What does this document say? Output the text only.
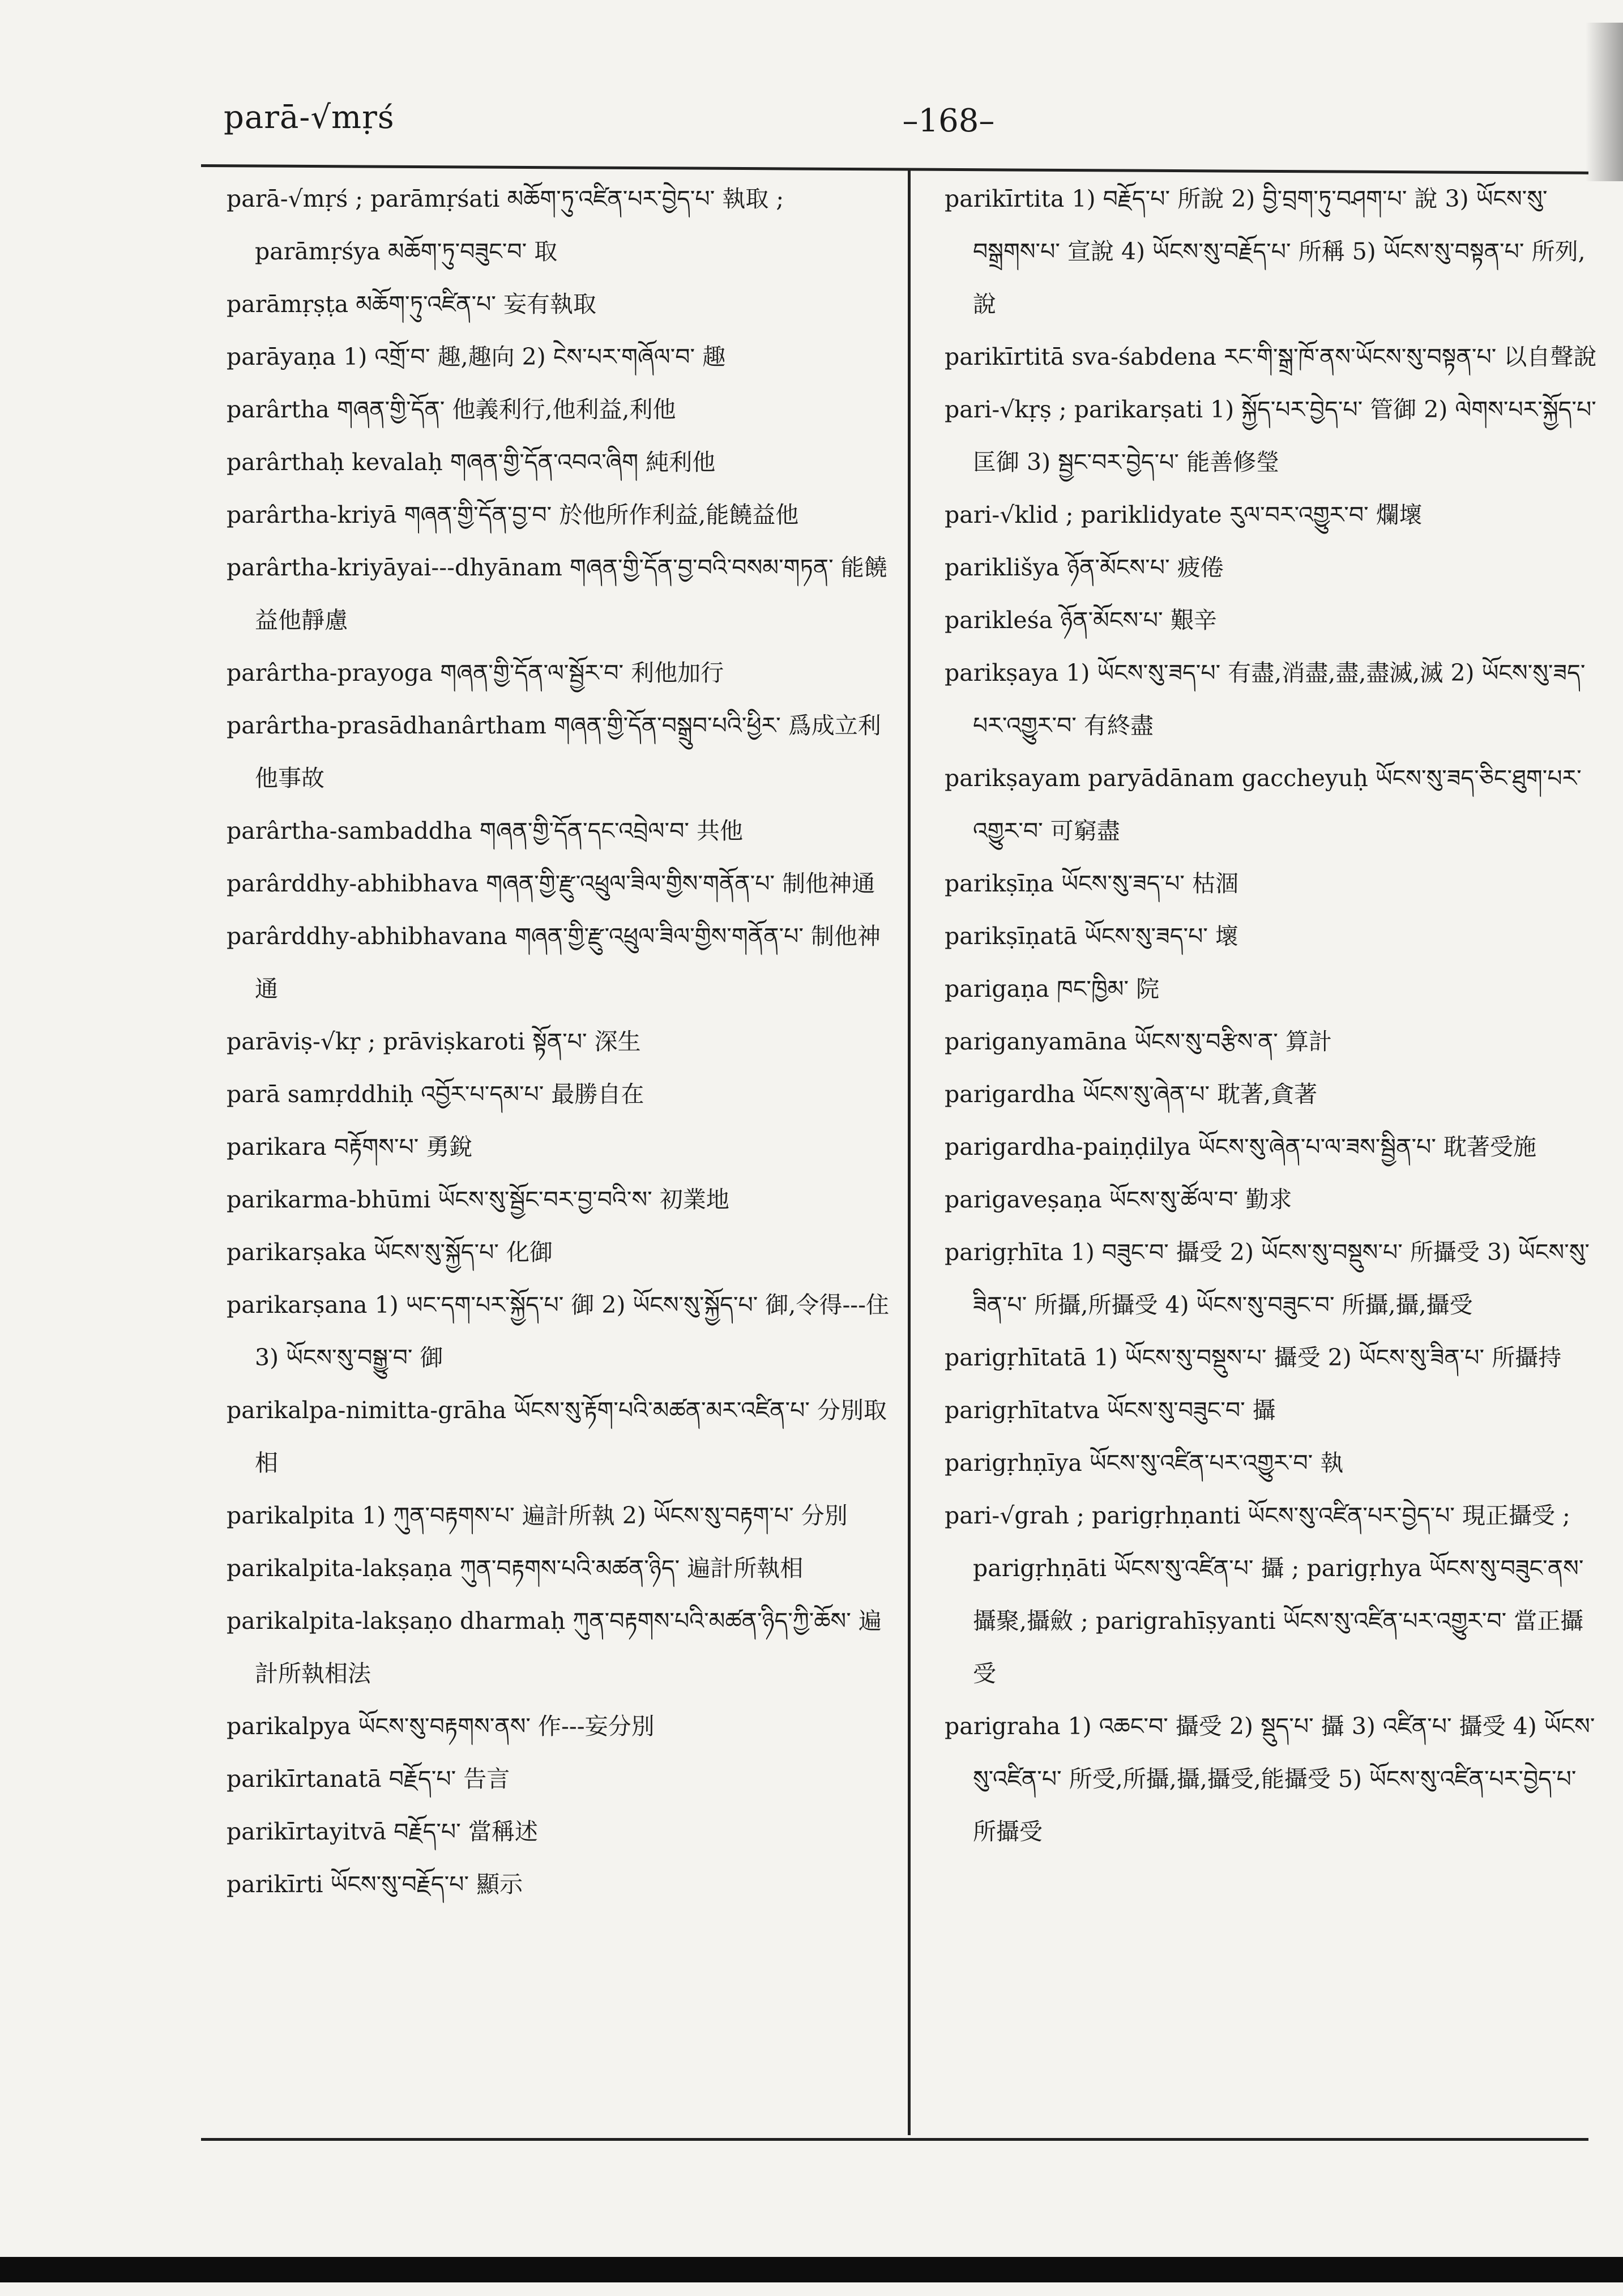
parā-√mṛś	–168–
parā-√mṛś ; parāmṛśati མཆོག་ཏུ་འཛིན་པར་བྱེད་པ་ 執取 ; parāmṛśya མཆོག་ཏུ་བཟུང་བ་ 取
parāmṛṣṭa མཆོག་ཏུ་འཛིན་པ་ 妄有執取
parāyaṇa 1) འགྲོ་བ་ 趣,趣向 2) ངེས་པར་གཞོལ་བ་ 趣
parârtha གཞན་གྱི་དོན་ 他義利行,他利益,利他
parârthaḥ kevalaḥ གཞན་གྱི་དོན་འབའ་ཞིག 純利他
parârtha-kriyā གཞན་གྱི་དོན་བྱ་བ་ 於他所作利益,能饒益他
parârtha-kriyāyai---dhyānam གཞན་གྱི་དོན་བྱ་བའི་བསམ་གཏན་ 能饒益他靜慮
parârtha-prayoga གཞན་གྱི་དོན་ལ་སྦྱོར་བ་ 利他加行
parârtha-prasādhanârtham གཞན་གྱི་དོན་བསྒྲུབ་པའི་ཕྱིར་ 爲成立利他事故
parârtha-sambaddha གཞན་གྱི་དོན་དང་འབྲེལ་བ་ 共他
parârddhy-abhibhava གཞན་གྱི་རྫུ་འཕྲུལ་ཟིལ་གྱིས་གནོན་པ་ 制他神通
parârddhy-abhibhavana གཞན་གྱི་རྫུ་འཕྲུལ་ཟིལ་གྱིས་གནོན་པ་ 制他神通
parāviṣ-√kṛ ; prāviṣkaroti སྟོན་པ་ 深生
parā samṛddhiḥ འབྱོར་པ་དམ་པ་ 最勝自在
parikara བརྟོགས་པ་ 勇銳
parikarma-bhūmi ཡོངས་སུ་སྦྱོང་བར་བྱ་བའི་ས་ 初業地
parikarṣaka ཡོངས་སུ་སྐྱོད་པ་ 化御
parikarṣana 1) ཡང་དག་པར་སྐྱོད་པ་ 御 2) ཡོངས་སུ་སྐྱོད་པ་ 御,令得---住 3) ཡོངས་སུ་བསྒྱུ་བ་ 御
parikalpa-nimitta-grāha ཡོངས་སུ་རྟོག་པའི་མཚན་མར་འཛིན་པ་ 分別取相
parikalpita 1) ཀུན་བརྟགས་པ་ 遍計所執 2) ཡོངས་སུ་བརྟག་པ་ 分別
parikalpita-lakṣaṇa ཀུན་བརྟགས་པའི་མཚན་ཉིད་ 遍計所執相
parikalpita-lakṣaṇo dharmaḥ ཀུན་བརྟགས་པའི་མཚན་ཉིད་ཀྱི་ཆོས་ 遍計所執相法
parikalpya ཡོངས་སུ་བརྟགས་ནས་ 作---妄分別
parikīrtanatā བརྗོད་པ་ 告言
parikīrtayitvā བརྗོད་པ་ 當稱述
parikīrti ཡོངས་སུ་བརྗོད་པ་ 顯示
parikīrtita 1) བརྗོད་པ་ 所說 2) བྱི་བྲག་ཏུ་བཤག་པ་ 說 3) ཡོངས་སུ་བསྒྲགས་པ་ 宣說 4) ཡོངས་སུ་བརྗོད་པ་ 所稱 5) ཡོངས་སུ་བསྟན་པ་ 所列,說
parikīrtitā sva-śabdena རང་གི་སྒྲ་ཁོ་ནས་ཡོངས་སུ་བསྟན་པ་ 以自聲說
pari-√kṛṣ ; parikarṣati 1) སྐྱོད་པར་བྱེད་པ་ 管御 2) ལེགས་པར་སྐྱོད་པ་ 匡御 3) སྦྱང་བར་བྱེད་པ་ 能善修瑩
pari-√klid ; pariklidyate རུལ་བར་འགྱུར་བ་ 爛壞
pariklišya ཉོན་མོངས་པ་ 疲倦
parikleśa ཉོན་མོངས་པ་ 艱辛
parikṣaya 1) ཡོངས་སུ་ཟད་པ་ 有盡,消盡,盡,盡滅,滅 2) ཡོངས་སུ་ཟད་པར་འགྱུར་བ་ 有終盡
parikṣayam paryādānam gaccheyuḥ ཡོངས་སུ་ཟད་ཅིང་ཐུག་པར་འགྱུར་བ་ 可窮盡
parikṣīṇa ཡོངས་སུ་ཟད་པ་ 枯涸
parikṣīṇatā ཡོངས་སུ་ཟད་པ་ 壞
parigaṇa ཁང་ཁྱིམ་ 院
pariganyamāna ཡོངས་སུ་བརྩིས་ན་ 算計
parigardha ཡོངས་སུ་ཞེན་པ་ 耽著,貪著
parigardha-paiṇḍilya ཡོངས་སུ་ཞེན་པ་ལ་ཟས་སྦྱིན་པ་ 耽著受施
parigaveṣaṇa ཡོངས་སུ་ཚོལ་བ་ 勤求
parigṛhīta 1) བཟུང་བ་ 攝受 2) ཡོངས་སུ་བསྡུས་པ་ 所攝受 3) ཡོངས་སུ་ཟིན་པ་ 所攝,所攝受 4) ཡོངས་སུ་བཟུང་བ་ 所攝,攝,攝受
parigṛhītatā 1) ཡོངས་སུ་བསྡུས་པ་ 攝受 2) ཡོངས་སུ་ཟིན་པ་ 所攝持
parigṛhītatva ཡོངས་སུ་བཟུང་བ་ 攝
parigṛhṇīya ཡོངས་སུ་འཛིན་པར་འགྱུར་བ་ 執
pari-√grah ; parigṛhṇanti ཡོངས་སུ་འཛིན་པར་བྱེད་པ་ 現正攝受 ; parigṛhṇāti ཡོངས་སུ་འཛིན་པ་ 攝 ; parigṛhya ཡོངས་སུ་བཟུང་ནས་ 攝聚,攝斂 ; parigrahīṣyanti ཡོངས་སུ་འཛིན་པར་འགྱུར་བ་ 當正攝受
parigraha 1) འཆང་བ་ 攝受 2) སྡུད་པ་ 攝 3) འཛིན་པ་ 攝受 4) ཡོངས་སུ་འཛིན་པ་ 所受,所攝,攝,攝受,能攝受 5) ཡོངས་སུ་འཛིན་པར་བྱེད་པ་ 所攝受
